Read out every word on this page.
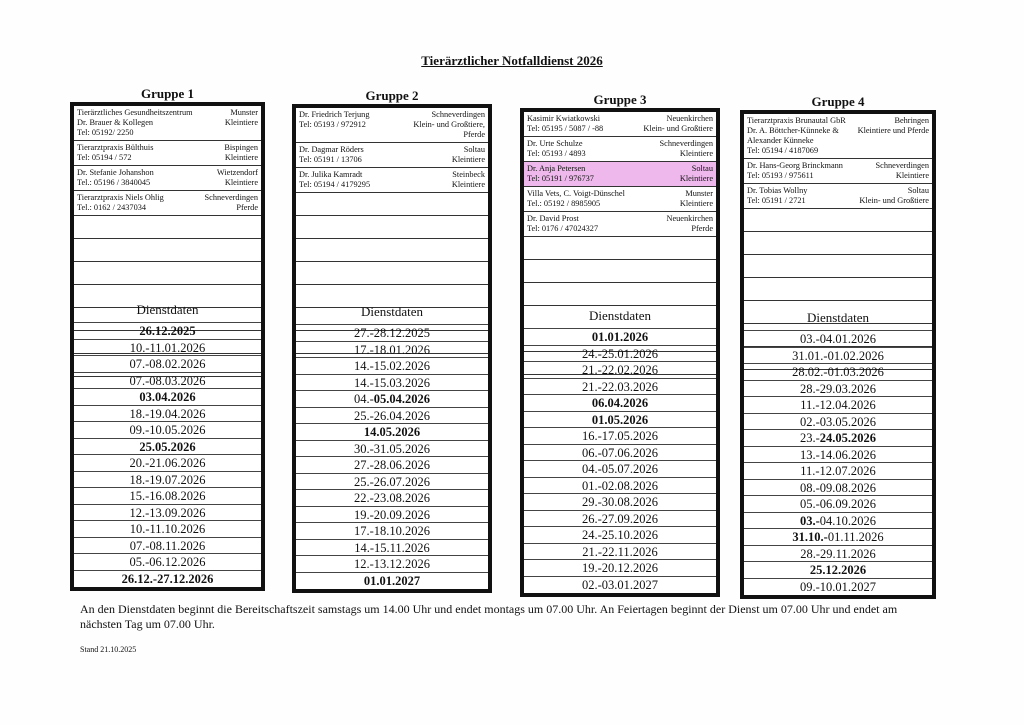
Tierärztlicher Notfalldienst 2026
Gruppe 1
Tierärztliches Gesundheitszentrum
Dr. Brauer & Kollegen
Tel: 05192/ 2250
Munster
Kleintiere
Tierarztpraxis Bülthuis
Tel: 05194 / 572
Bispingen
Kleintiere
Dr. Stefanie Johanshon
Tel.: 05196 / 3840045
Wietzendorf
Kleintiere
Tierarztpraxis Niels Ohlig
Tel.: 0162 / 2437034
Schneverdingen
Pferde
Dienstdaten
26.12.2025
10.-11.01.2026
07.-08.02.2026
07.-08.03.2026
03.04.2026
18.-19.04.2026
09.-10.05.2026
25.05.2026
20.-21.06.2026
18.-19.07.2026
15.-16.08.2026
12.-13.09.2026
10.-11.10.2026
07.-08.11.2026
05.-06.12.2026
26.12.-27.12.2026
Gruppe 2
Dr. Friedrich Terjung
Tel: 05193 / 972912
Schneverdingen
Klein- und Großtiere, Pferde
Dr. Dagmar Röders
Tel: 05191 / 13706
Soltau
Kleintiere
Dr. Julika Kamradt
Tel: 05194 / 4179295
Steinbeck
Kleintiere
Dienstdaten
27.-28.12.2025
17.-18.01.2026
14.-15.02.2026
14.-15.03.2026
04.-05.04.2026
25.-26.04.2026
14.05.2026
30.-31.05.2026
27.-28.06.2026
25.-26.07.2026
22.-23.08.2026
19.-20.09.2026
17.-18.10.2026
14.-15.11.2026
12.-13.12.2026
01.01.2027
Gruppe 3
Kasimir Kwiatkowski
Tel: 05195 / 5087 / -88
Neuenkirchen
Klein- und Großtiere
Dr. Urte Schulze
Tel: 05193 / 4893
Schneverdingen
Kleintiere
Dr. Anja Petersen
Tel: 05191 / 976737
Soltau
Kleintiere
Villa Vets, C. Voigt-Dünschel
Tel.: 05192 / 8985905
Munster
Kleintiere
Dr. David Prost
Tel: 0176 / 47024327
Neuenkirchen
Pferde
Dienstdaten
01.01.2026
24.-25.01.2026
21.-22.02.2026
21.-22.03.2026
06.04.2026
01.05.2026
16.-17.05.2026
06.-07.06.2026
04.-05.07.2026
01.-02.08.2026
29.-30.08.2026
26.-27.09.2026
24.-25.10.2026
21.-22.11.2026
19.-20.12.2026
02.-03.01.2027
Gruppe 4
Tierarztpraxis Brunautal GbR
Dr. A. Böttcher-Künneke &
Alexander Künneke
Tel: 05194 / 4187069
Behringen
Kleintiere und Pferde
Dr. Hans-Georg Brinckmann
Tel: 05193 / 975611
Schneverdingen
Kleintiere
Dr. Tobias Wollny
Tel: 05191 / 2721
Soltau
Klein- und Großtiere
Dienstdaten
03.-04.01.2026
31.01.-01.02.2026
28.02.-01.03.2026
28.-29.03.2026
11.-12.04.2026
02.-03.05.2026
23.-24.05.2026
13.-14.06.2026
11.-12.07.2026
08.-09.08.2026
05.-06.09.2026
03.-04.10.2026
31.10.-01.11.2026
28.-29.11.2026
25.12.2026
09.-10.01.2027
An den Dienstdaten beginnt die Bereitschaftszeit samstags um 14.00 Uhr und endet montags um 07.00 Uhr. An Feiertagen beginnt der Dienst um 07.00 Uhr und endet am nächsten Tag um 07.00 Uhr.
Stand 21.10.2025
